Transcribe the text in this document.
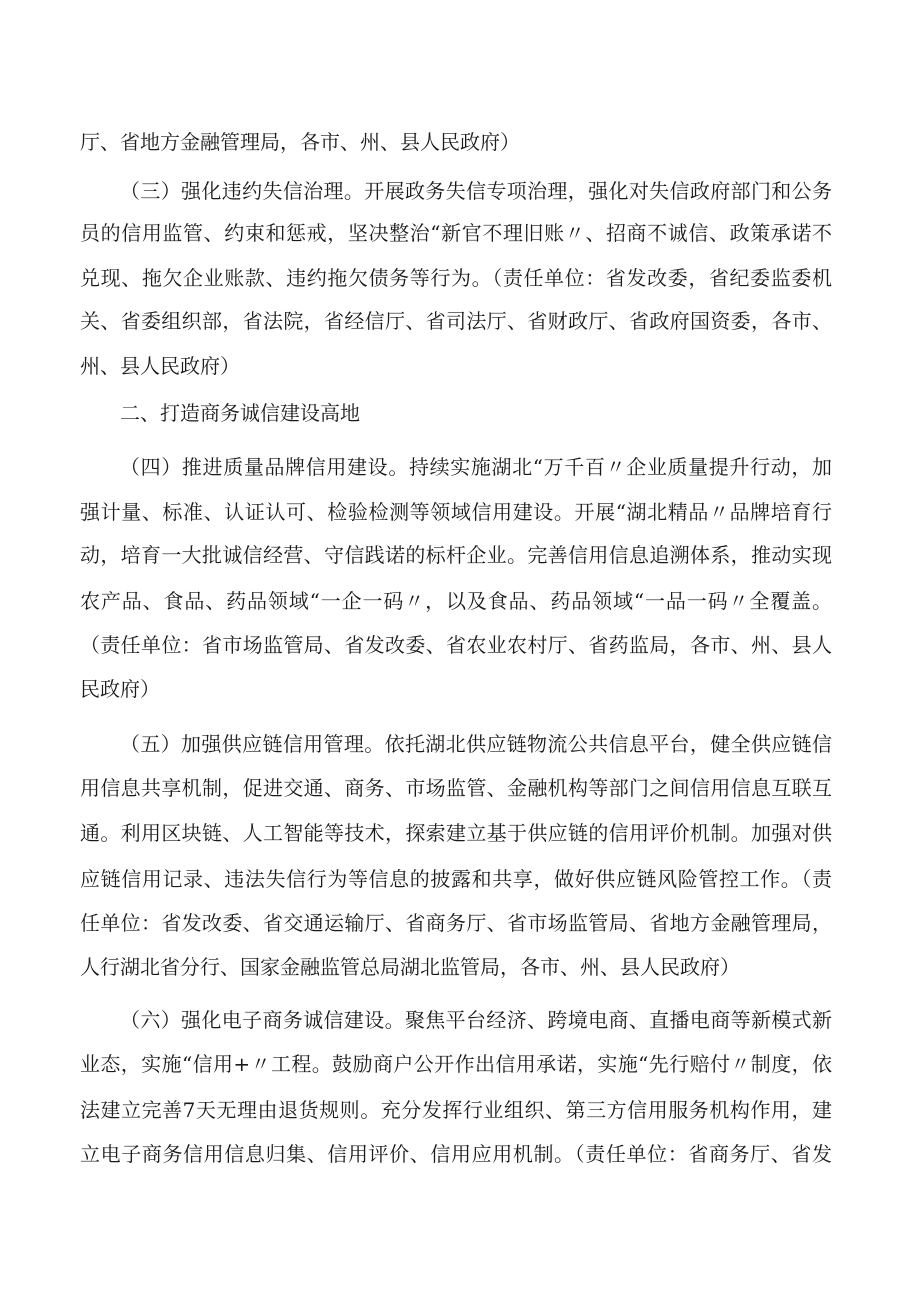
厅、省地方金融管理局，各市、州、县人民政府）
（三）强化违约失信治理。开展政务失信专项治理，强化对失信政府部门和公务
员的信用监管、约束和惩戒，坚决整治“新官不理旧账〃、招商不诚信、政策承诺不
兑现、拖欠企业账款、违约拖欠债务等行为。（责任单位：省发改委，省纪委监委机
关、省委组织部，省法院，省经信厅、省司法厅、省财政厅、省政府国资委，各市、
州、县人民政府）
二、打造商务诚信建设高地
（四）推进质量品牌信用建设。持续实施湖北“万千百〃企业质量提升行动，加
强计量、标准、认证认可、检验检测等领域信用建设。开展“湖北精品〃品牌培育行
动，培育一大批诚信经营、守信践诺的标杆企业。完善信用信息追溯体系，推动实现
农产品、食品、药品领域“一企一码〃，以及食品、药品领域“一品一码〃全覆盖。
（责任单位：省市场监管局、省发改委、省农业农村厅、省药监局，各市、州、县人
民政府）
（五）加强供应链信用管理。依托湖北供应链物流公共信息平台，健全供应链信
用信息共享机制，促进交通、商务、市场监管、金融机构等部门之间信用信息互联互
通。利用区块链、人工智能等技术，探索建立基于供应链的信用评价机制。加强对供
应链信用记录、违法失信行为等信息的披露和共享，做好供应链风险管控工作。（责
任单位：省发改委、省交通运输厅、省商务厅、省市场监管局、省地方金融管理局，
人行湖北省分行、国家金融监管总局湖北监管局，各市、州、县人民政府）
（六）强化电子商务诚信建设。聚焦平台经济、跨境电商、直播电商等新模式新
业态，实施“信用+〃工程。鼓励商户公开作出信用承诺，实施“先行赔付〃制度，依
法建立完善7天无理由退货规则。充分发挥行业组织、第三方信用服务机构作用，建
立电子商务信用信息归集、信用评价、信用应用机制。（责任单位：省商务厅、省发
